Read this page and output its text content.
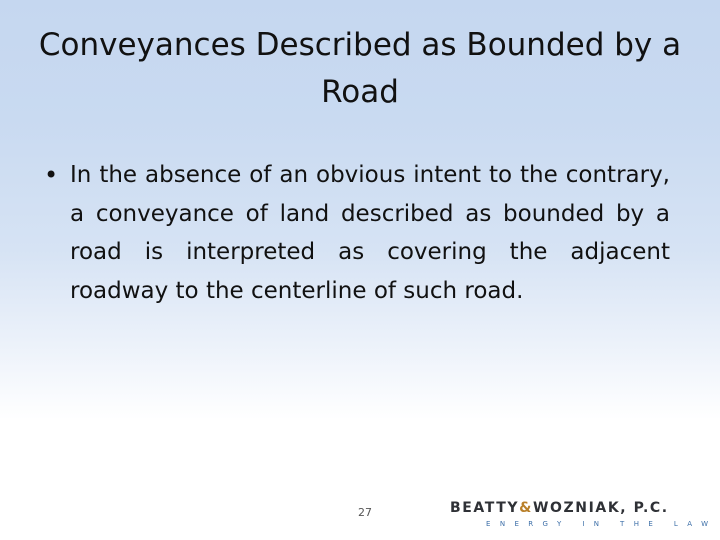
Conveyances Described as Bounded by a Road
• In the absence of an obvious intent to the contrary, a conveyance of land described as bounded by a road is interpreted as covering the adjacent roadway to the centerline of such road.

27	BEATTY&WOZNIAK, P.C.
ENERGY IN THE LAW
